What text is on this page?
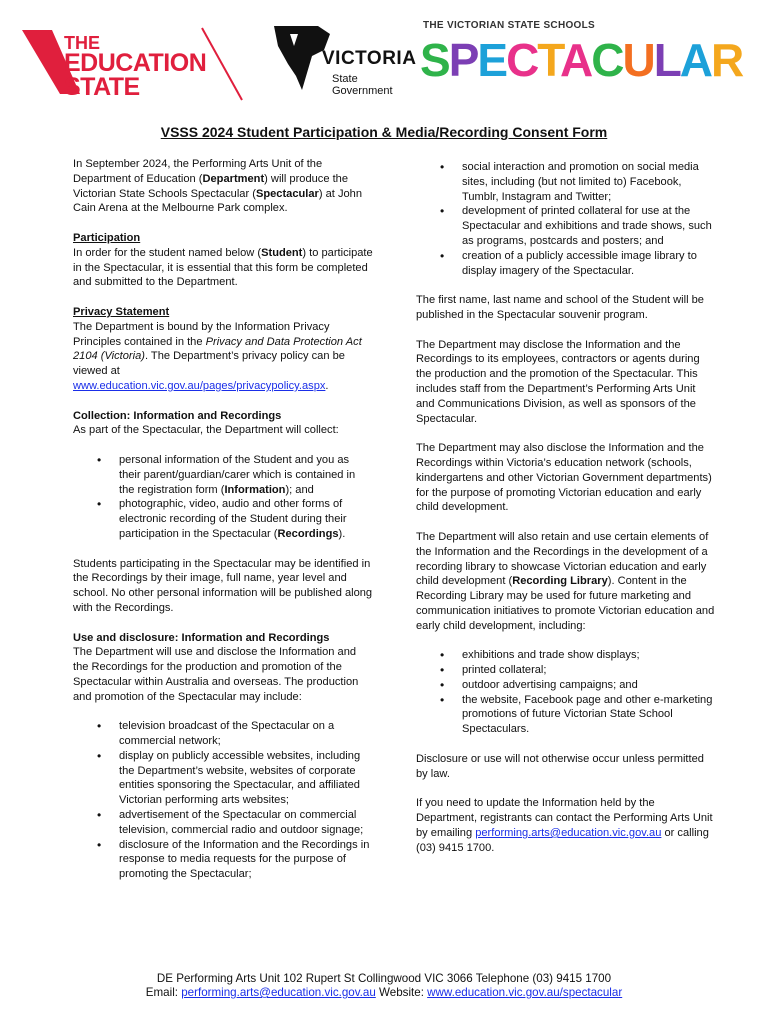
THE
EDUCATION
STATE
VICTORIA
State
Government
THE VICTORIAN STATE SCHOOLS
SPECTACULAR
VSSS 2024 Student Participation & Media/Recording Consent Form

In September 2024, the Performing Arts Unit of the Department of Education (Department) will produce the Victorian State Schools Spectacular (Spectacular) at John Cain Arena at the Melbourne Park complex.

Participation

In order for the student named below (Student) to participate in the Spectacular, it is essential that this form be completed and submitted to the Department.

Privacy Statement

The Department is bound by the Information Privacy Principles contained in the Privacy and Data Protection Act 2104 (Victoria). The Department’s privacy policy can be viewed at www.education.vic.gov.au/pages/privacypolicy.aspx.

Collection: Information and Recordings

As part of the Spectacular, the Department will collect:

• personal information of the Student and you as their parent/guardian/carer which is contained in the registration form (Information); and
• photographic, video, audio and other forms of electronic recording of the Student during their participation in the Spectacular (Recordings).

Students participating in the Spectacular may be identified in the Recordings by their image, full name, year level and school. No other personal information will be published along with the Recordings.

Use and disclosure: Information and Recordings

The Department will use and disclose the Information and the Recordings for the production and promotion of the Spectacular within Australia and overseas. The production and promotion of the Spectacular may include:

• television broadcast of the Spectacular on a commercial network;
• display on publicly accessible websites, including the Department’s website, websites of corporate entities sponsoring the Spectacular, and affiliated Victorian performing arts websites;
• advertisement of the Spectacular on commercial television, commercial radio and outdoor signage;
• disclosure of the Information and the Recordings in response to media requests for the purpose of promoting the Spectacular;
• social interaction and promotion on social media sites, including (but not limited to) Facebook, Tumblr, Instagram and Twitter;
• development of printed collateral for use at the Spectacular and exhibitions and trade shows, such as programs, postcards and posters; and
• creation of a publicly accessible image library to display imagery of the Spectacular.

The first name, last name and school of the Student will be published in the Spectacular souvenir program.

The Department may disclose the Information and the Recordings to its employees, contractors or agents during the production and the promotion of the Spectacular. This includes staff from the Department’s Performing Arts Unit and Communications Division, as well as sponsors of the Spectacular.

The Department may also disclose the Information and the Recordings within Victoria’s education network (schools, kindergartens and other Victorian Government departments) for the purpose of promoting Victorian education and early child development.

The Department will also retain and use certain elements of the Information and the Recordings in the development of a recording library to showcase Victorian education and early child development (Recording Library). Content in the Recording Library may be used for future marketing and communication initiatives to promote Victorian education and early child development, including:

• exhibitions and trade show displays;
• printed collateral;
• outdoor advertising campaigns; and
• the website, Facebook page and other e-marketing promotions of future Victorian State School Spectaculars.

Disclosure or use will not otherwise occur unless permitted by law.

If you need to update the Information held by the Department, registrants can contact the Performing Arts Unit by emailing performing.arts@education.vic.gov.au or calling (03) 9415 1700.

DE Performing Arts Unit 102 Rupert St Collingwood VIC 3066 Telephone (03) 9415 1700
Email: performing.arts@education.vic.gov.au Website: www.education.vic.gov.au/spectacular
